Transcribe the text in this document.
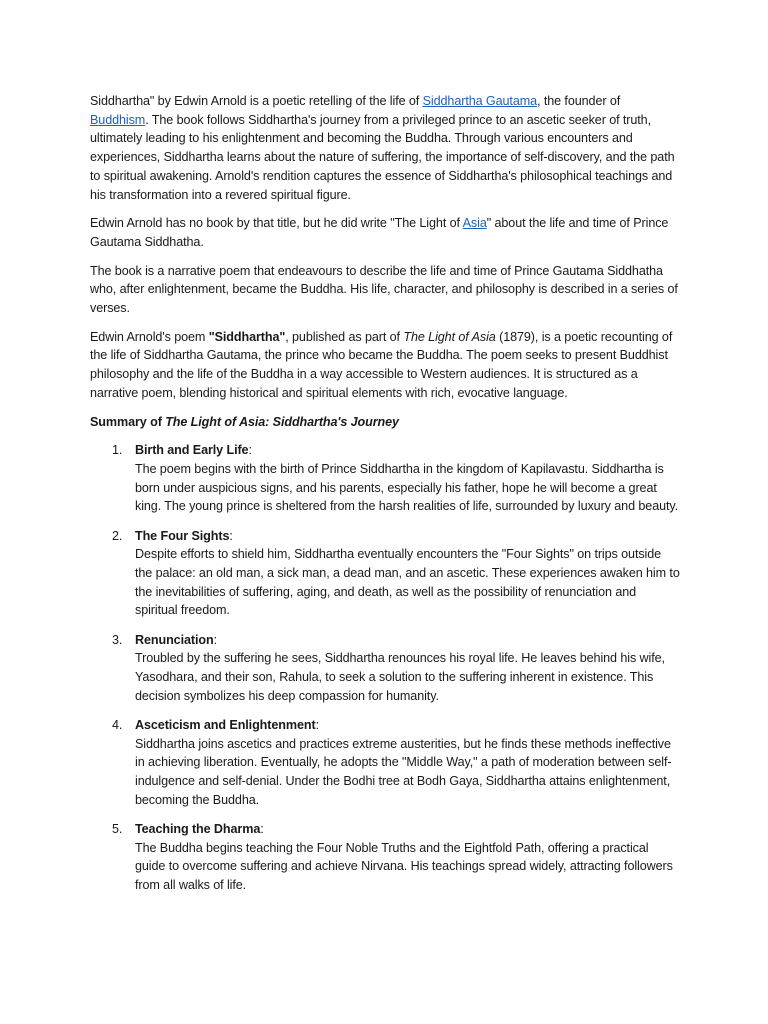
Siddhartha" by Edwin Arnold is a poetic retelling of the life of Siddhartha Gautama, the founder of Buddhism. The book follows Siddhartha's journey from a privileged prince to an ascetic seeker of truth, ultimately leading to his enlightenment and becoming the Buddha. Through various encounters and experiences, Siddhartha learns about the nature of suffering, the importance of self-discovery, and the path to spiritual awakening. Arnold's rendition captures the essence of Siddhartha's philosophical teachings and his transformation into a revered spiritual figure.

Edwin Arnold has no book by that title, but he did write "The Light of Asia" about the life and time of Prince Gautama Siddhatha.

The book is a narrative poem that endeavours to describe the life and time of Prince Gautama Siddhatha who, after enlightenment, became the Buddha. His life, character, and philosophy is described in a series of verses.

Edwin Arnold's poem "Siddhartha", published as part of The Light of Asia (1879), is a poetic recounting of the life of Siddhartha Gautama, the prince who became the Buddha. The poem seeks to present Buddhist philosophy and the life of the Buddha in a way accessible to Western audiences. It is structured as a narrative poem, blending historical and spiritual elements with rich, evocative language.

Summary of The Light of Asia: Siddhartha's Journey

1. Birth and Early Life:
The poem begins with the birth of Prince Siddhartha in the kingdom of Kapilavastu. Siddhartha is born under auspicious signs, and his parents, especially his father, hope he will become a great king. The young prince is sheltered from the harsh realities of life, surrounded by luxury and beauty.
2. The Four Sights:
Despite efforts to shield him, Siddhartha eventually encounters the "Four Sights" on trips outside the palace: an old man, a sick man, a dead man, and an ascetic. These experiences awaken him to the inevitabilities of suffering, aging, and death, as well as the possibility of renunciation and spiritual freedom.
3. Renunciation:
Troubled by the suffering he sees, Siddhartha renounces his royal life. He leaves behind his wife, Yasodhara, and their son, Rahula, to seek a solution to the suffering inherent in existence. This decision symbolizes his deep compassion for humanity.
4. Asceticism and Enlightenment:
Siddhartha joins ascetics and practices extreme austerities, but he finds these methods ineffective in achieving liberation. Eventually, he adopts the "Middle Way," a path of moderation between self-indulgence and self-denial. Under the Bodhi tree at Bodh Gaya, Siddhartha attains enlightenment, becoming the Buddha.
5. Teaching the Dharma:
The Buddha begins teaching the Four Noble Truths and the Eightfold Path, offering a practical guide to overcome suffering and achieve Nirvana. His teachings spread widely, attracting followers from all walks of life.
